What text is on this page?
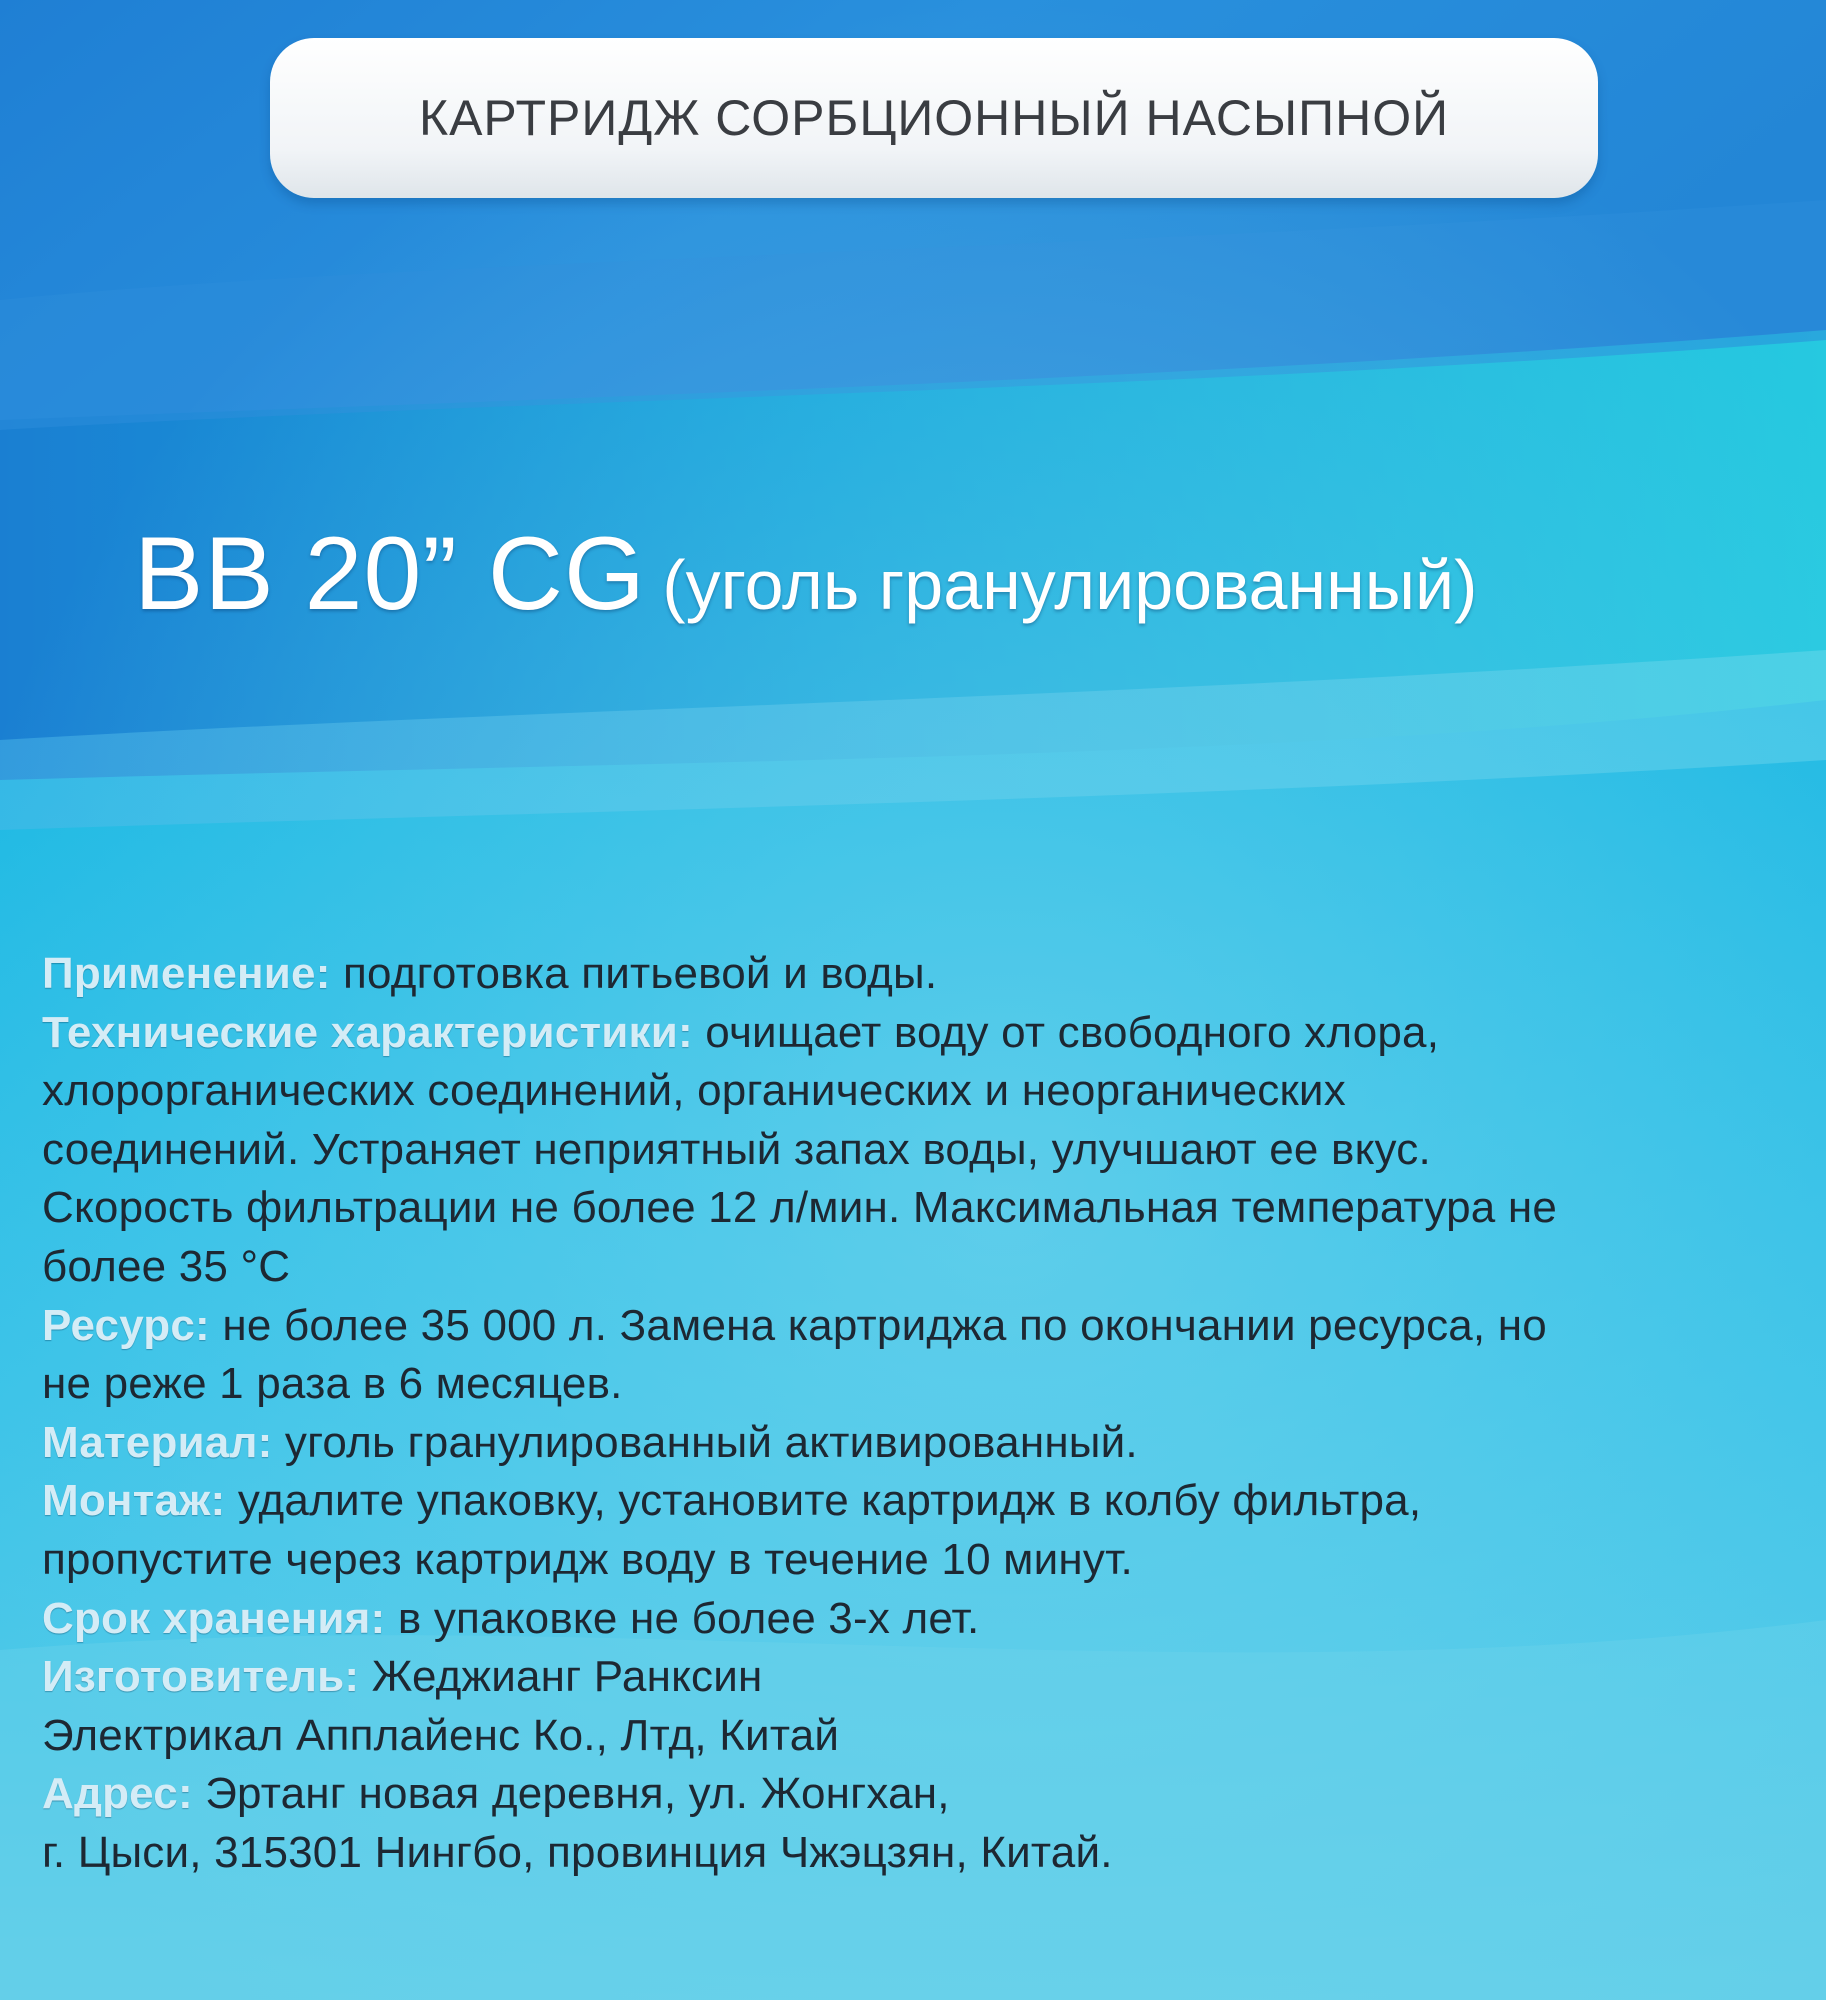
КАРТРИДЖ СОРБЦИОННЫЙ НАСЫПНОЙ
BB 20” CG (уголь гранулированный)
Применение: подготовка питьевой и воды.
Технические характеристики: очищает воду от свободного хлора,
хлорорганических соединений, органических и неорганических
соединений. Устраняет неприятный запах воды, улучшают ее вкус.
Скорость фильтрации не более 12 л/мин. Максимальная температура не
более 35 °С
Ресурс: не более 35 000 л. Замена картриджа по окончании ресурса, но
не реже 1 раза в 6 месяцев.
Материал: уголь гранулированный активированный.
Монтаж: удалите упаковку, установите картридж в колбу фильтра,
пропустите через картридж воду в течение 10 минут.
Срок хранения: в упаковке не более 3-х лет.
Изготовитель: Жеджианг Ранксин
Электрикал Апплайенс Ко., Лтд, Китай
Адрес: Эртанг новая деревня, ул. Жонгхан,
г. Цыси, 315301 Нингбо, провинция Чжэцзян, Китай.
